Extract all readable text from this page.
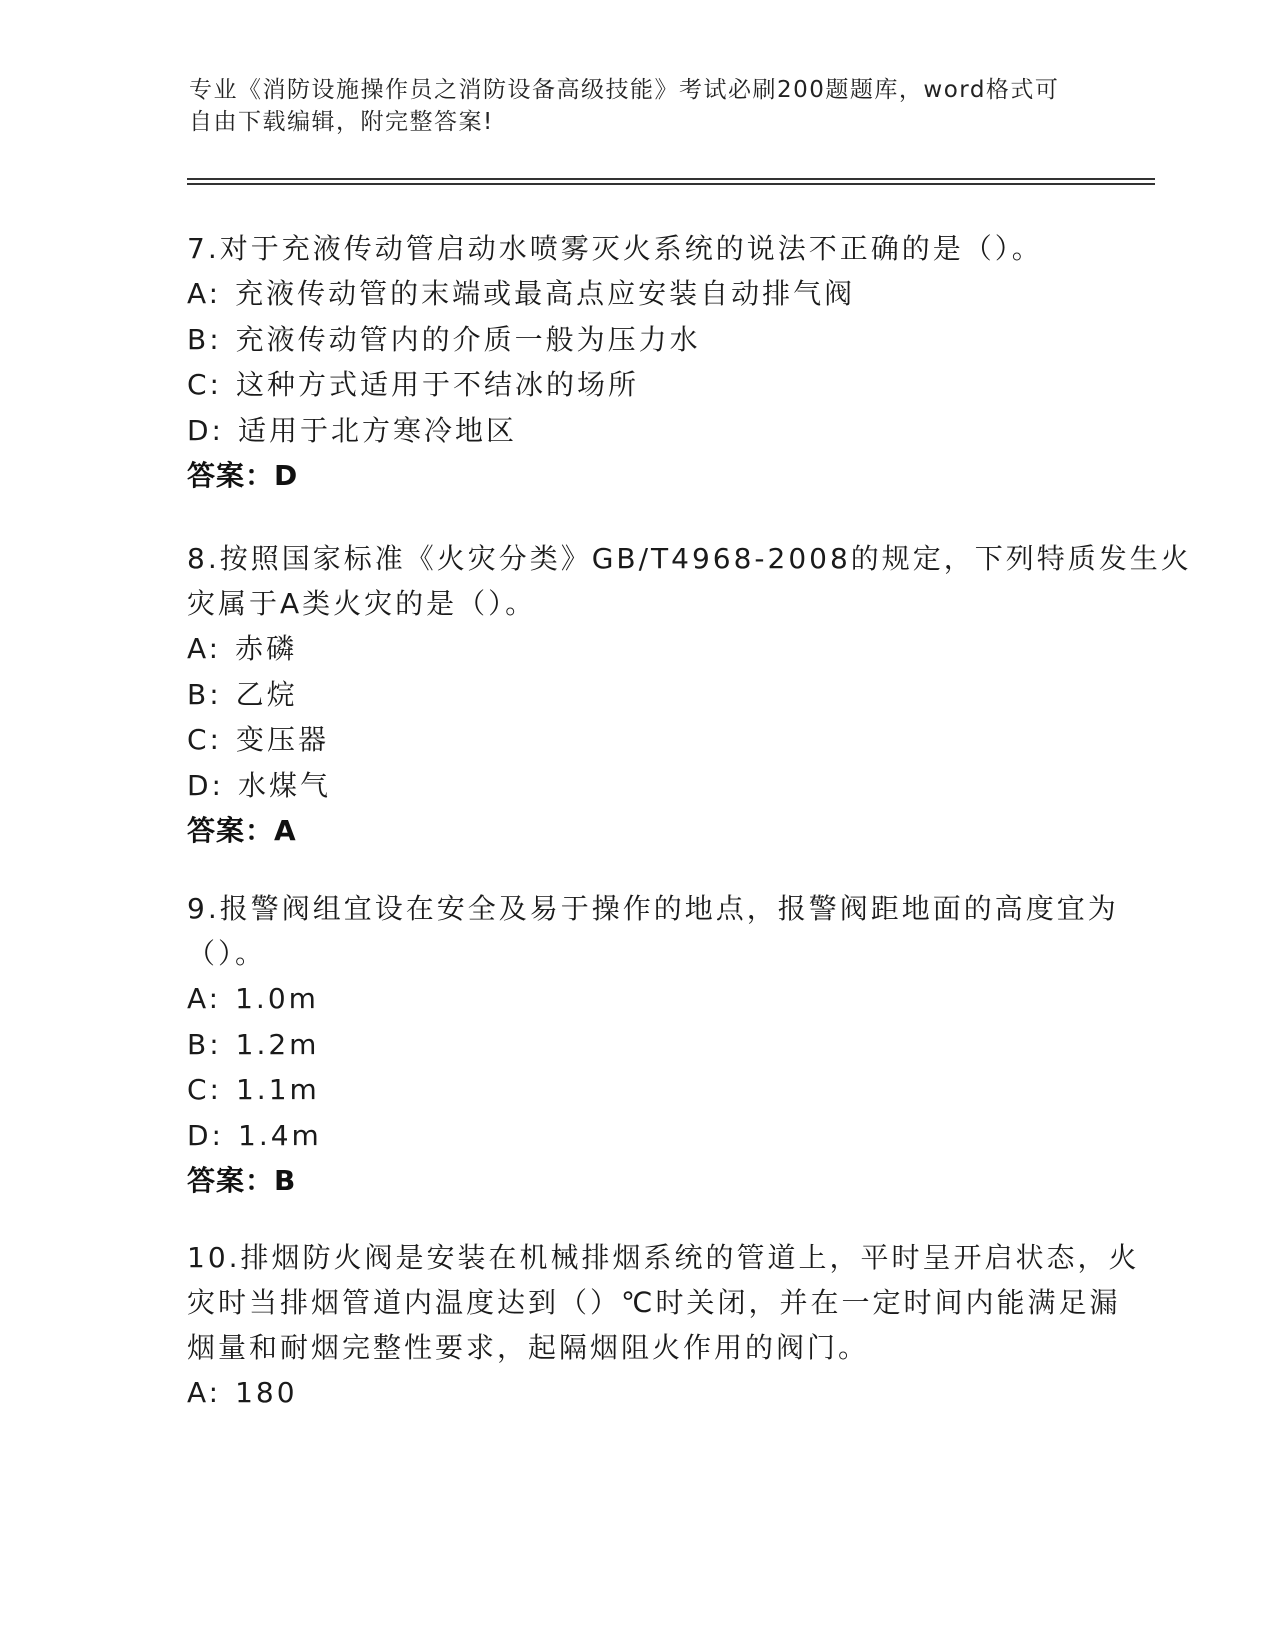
专业《消防设施操作员之消防设备高级技能》考试必刷200题题库，word格式可
自由下载编辑，附完整答案!
7.对于充液传动管启动水喷雾灭火系统的说法不正确的是（）。
A: 充液传动管的末端或最高点应安装自动排气阀
B: 充液传动管内的介质一般为压力水
C: 这种方式适用于不结冰的场所
D: 适用于北方寒冷地区
答案：D
8.按照国家标准《火灾分类》GB/T4968-2008的规定，下列特质发生火
灾属于A类火灾的是（）。
A: 赤磷
B: 乙烷
C: 变压器
D: 水煤气
答案：A
9.报警阀组宜设在安全及易于操作的地点，报警阀距地面的高度宜为
（）。
A: 1.0m
B: 1.2m
C: 1.1m
D: 1.4m
答案：B
10.排烟防火阀是安装在机械排烟系统的管道上，平时呈开启状态，火
灾时当排烟管道内温度达到（）℃时关闭，并在一定时间内能满足漏
烟量和耐烟完整性要求，起隔烟阻火作用的阀门。
A: 180
